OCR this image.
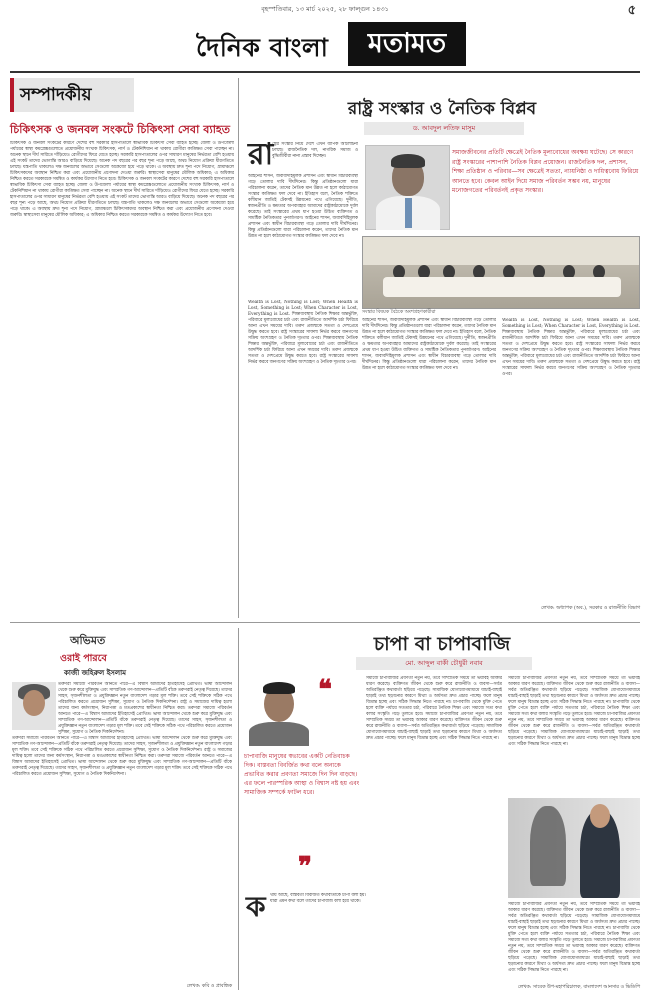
বৃহস্পতিবার, ১৩ মার্চ ২০২৫, ২৮ ফাল্গুন ১৪৩১	৫
দৈনিক বাংলা	মতামত
সম্পাদকীয়
চিকিৎসক ও জনবল সংকটে চিকিৎসা সেবা ব্যাহত
চিকিৎসক ও জনবল সংকটের কারণে দেশের বহু সরকারি হাসপাতালে স্বাভাবিক চিকিৎসা সেবা ব্যাহত হচ্ছে। জেলা ও উপজেলা পর্যায়ের স্বাস্থ্য কমপ্লেক্সগুলোতে প্রয়োজনীয় সংখ্যক চিকিৎসক, নার্স ও টেকনিশিয়ান না থাকায় রোগীরা কাঙ্ক্ষিত সেবা পাচ্ছেন না। অনেক স্থানে দীর্ঘ সারিতে দাঁড়িয়েও রোগীদের ফিরে যেতে হচ্ছে। সরকারি হাসপাতালের ওপর সাধারণ মানুষের নির্ভরতা বেশি হওয়ায় এই সংকট তাদের ভোগান্তি আরও বাড়িয়ে দিয়েছে। অনেক পদ বছরের পর বছর শূন্য পড়ে আছে, অথচ নিয়োগ প্রক্রিয়া ধীরগতিতে চলছে। যন্ত্রপাতি থাকলেও দক্ষ জনবলের অভাবে সেগুলো অকেজো হয়ে পড়ে থাকে। এ অবস্থায় দ্রুত শূন্য পদে নিয়োগ, গ্রামাঞ্চলে চিকিৎসকদের অবস্থান নিশ্চিত করা এবং প্রয়োজনীয় প্রণোদনা দেওয়া জরুরি। স্বাস্থ্যসেবা মানুষের মৌলিক অধিকার; এ অধিকার নিশ্চিত করতে সরকারকে সমন্বিত ও কার্যকর উদ্যোগ নিতে হবে। চিকিৎসক ও জনবল সংকটের কারণে দেশের বহু সরকারি হাসপাতালে স্বাভাবিক চিকিৎসা সেবা ব্যাহত হচ্ছে। জেলা ও উপজেলা পর্যায়ের স্বাস্থ্য কমপ্লেক্সগুলোতে প্রয়োজনীয় সংখ্যক চিকিৎসক, নার্স ও টেকনিশিয়ান না থাকায় রোগীরা কাঙ্ক্ষিত সেবা পাচ্ছেন না। অনেক স্থানে দীর্ঘ সারিতে দাঁড়িয়েও রোগীদের ফিরে যেতে হচ্ছে। সরকারি হাসপাতালের ওপর সাধারণ মানুষের নির্ভরতা বেশি হওয়ায় এই সংকট তাদের ভোগান্তি আরও বাড়িয়ে দিয়েছে। অনেক পদ বছরের পর বছর শূন্য পড়ে আছে, অথচ নিয়োগ প্রক্রিয়া ধীরগতিতে চলছে। যন্ত্রপাতি থাকলেও দক্ষ জনবলের অভাবে সেগুলো অকেজো হয়ে পড়ে থাকে। এ অবস্থায় দ্রুত শূন্য পদে নিয়োগ, গ্রামাঞ্চলে চিকিৎসকদের অবস্থান নিশ্চিত করা এবং প্রয়োজনীয় প্রণোদনা দেওয়া জরুরি। স্বাস্থ্যসেবা মানুষের মৌলিক অধিকার; এ অধিকার নিশ্চিত করতে সরকারকে সমন্বিত ও কার্যকর উদ্যোগ নিতে হবে।
রাষ্ট্র সংস্কার ও নৈতিক বিপ্লব
ড. আবদুল লতিফ মাসুম
রা
ষ্ট্রের সংস্কার নিয়ে দেশে এখন ব্যাপক আলোচনা চলছে। রাজনৈতিক দল, নাগরিক সমাজ ও বুদ্ধিজীবীরা নানা প্রস্তাব দিচ্ছেন।
আইনের শাসন, জবাবদিহিমূলক প্রশাসন এবং স্বাধীন বিচারব্যবস্থা গড়ে তোলার দাবি দীর্ঘদিনের। কিন্তু প্রতিষ্ঠানগুলো যারা পরিচালনা করেন, তাদের নৈতিক মান উন্নত না হলে কাঠামোগত সংস্কার কাঙ্ক্ষিত ফল দেবে না। ইতিহাস বলে, নৈতিক শক্তিতে বলীয়ান জাতিই টেকসই উন্নয়নের পথে এগিয়েছে। দুর্নীতি, স্বজনপ্রীতি ও ক্ষমতার অপব্যবহার আমাদের রাষ্ট্রকাঠামোকে দুর্বল করেছে। তাই সংস্কারের প্রথম ধাপ হওয়া উচিত ব্যক্তিগত ও সামষ্টিক নৈতিকতার পুনর্জাগরণ। আইনের শাসন, জবাবদিহিমূলক প্রশাসন এবং স্বাধীন বিচারব্যবস্থা গড়ে তোলার দাবি দীর্ঘদিনের। কিন্তু প্রতিষ্ঠানগুলো যারা পরিচালনা করেন, তাদের নৈতিক মান উন্নত না হলে কাঠামোগত সংস্কার কাঙ্ক্ষিত ফল দেবে না।
সমাজজীবনের প্রতিটি ক্ষেত্রেই নৈতিক মূল্যবোধের অবক্ষয় ঘটেছে। সে কারণে রাষ্ট্র সংস্কারের পাশাপাশি নৈতিক বিপ্লব প্রয়োজন। রাজনৈতিক দল, প্রশাসন, শিক্ষা প্রতিষ্ঠান ও পরিবার—সব ক্ষেত্রেই সততা, ন্যায়নিষ্ঠা ও দায়িত্ববোধ ফিরিয়ে আনতে হবে। কেবল আইন দিয়ে সমাজ পরিবর্তন সম্ভব নয়, মানুষের মনোজগতের পরিবর্তনই প্রকৃত সংস্কার।
সংস্কার বিষয়ক বৈঠকে অংশগ্রহণকারীরা
Wealth is Lost, Nothing is Lost; When Health is Lost, Something is Lost; When Character is Lost, Everything is Lost. শিক্ষাব্যবস্থায় নৈতিক শিক্ষার অন্তর্ভুক্তি, পরিবারে মূল্যবোধের চর্চা এবং রাজনীতিতে আদর্শিক চর্চা ফিরিয়ে আনা এখন সময়ের দাবি। তরুণ প্রজন্মকে সততা ও দেশপ্রেমে উদ্বুদ্ধ করতে হবে। রাষ্ট্র সংস্কারের সাফল্য নির্ভর করবে জনগণের সক্রিয় অংশগ্রহণ ও নৈতিক দৃঢ়তার ওপর। শিক্ষাব্যবস্থায় নৈতিক শিক্ষার অন্তর্ভুক্তি, পরিবারে মূল্যবোধের চর্চা এবং রাজনীতিতে আদর্শিক চর্চা ফিরিয়ে আনা এখন সময়ের দাবি। তরুণ প্রজন্মকে সততা ও দেশপ্রেমে উদ্বুদ্ধ করতে হবে। রাষ্ট্র সংস্কারের সাফল্য নির্ভর করবে জনগণের সক্রিয় অংশগ্রহণ ও নৈতিক দৃঢ়তার ওপর।
আইনের শাসন, জবাবদিহিমূলক প্রশাসন এবং স্বাধীন বিচারব্যবস্থা গড়ে তোলার দাবি দীর্ঘদিনের। কিন্তু প্রতিষ্ঠানগুলো যারা পরিচালনা করেন, তাদের নৈতিক মান উন্নত না হলে কাঠামোগত সংস্কার কাঙ্ক্ষিত ফল দেবে না। ইতিহাস বলে, নৈতিক শক্তিতে বলীয়ান জাতিই টেকসই উন্নয়নের পথে এগিয়েছে। দুর্নীতি, স্বজনপ্রীতি ও ক্ষমতার অপব্যবহার আমাদের রাষ্ট্রকাঠামোকে দুর্বল করেছে। তাই সংস্কারের প্রথম ধাপ হওয়া উচিত ব্যক্তিগত ও সামষ্টিক নৈতিকতার পুনর্জাগরণ। আইনের শাসন, জবাবদিহিমূলক প্রশাসন এবং স্বাধীন বিচারব্যবস্থা গড়ে তোলার দাবি দীর্ঘদিনের। কিন্তু প্রতিষ্ঠানগুলো যারা পরিচালনা করেন, তাদের নৈতিক মান উন্নত না হলে কাঠামোগত সংস্কার কাঙ্ক্ষিত ফল দেবে না।
Wealth is Lost, Nothing is Lost; When Health is Lost, Something is Lost; When Character is Lost, Everything is Lost. শিক্ষাব্যবস্থায় নৈতিক শিক্ষার অন্তর্ভুক্তি, পরিবারে মূল্যবোধের চর্চা এবং রাজনীতিতে আদর্শিক চর্চা ফিরিয়ে আনা এখন সময়ের দাবি। তরুণ প্রজন্মকে সততা ও দেশপ্রেমে উদ্বুদ্ধ করতে হবে। রাষ্ট্র সংস্কারের সাফল্য নির্ভর করবে জনগণের সক্রিয় অংশগ্রহণ ও নৈতিক দৃঢ়তার ওপর। শিক্ষাব্যবস্থায় নৈতিক শিক্ষার অন্তর্ভুক্তি, পরিবারে মূল্যবোধের চর্চা এবং রাজনীতিতে আদর্শিক চর্চা ফিরিয়ে আনা এখন সময়ের দাবি। তরুণ প্রজন্মকে সততা ও দেশপ্রেমে উদ্বুদ্ধ করতে হবে। রাষ্ট্র সংস্কারের সাফল্য নির্ভর করবে জনগণের সক্রিয় অংশগ্রহণ ও নৈতিক দৃঢ়তার ওপর।
লেখক: অধ্যাপক (অব.), সরকার ও রাজনীতি বিভাগ
অভিমত
ওরাই পারবে
কাজী জহিরুল ইসলাম
তরুণরা সমাজে পরিবর্তন আনতে পারে—এ বিশ্বাস আমাদের ইতিহাসেই প্রোথিত। ভাষা আন্দোলন থেকে শুরু করে মুক্তিযুদ্ধ এবং সাম্প্রতিক গণ-আন্দোলন—প্রতিটি বাঁকে তরুণরাই নেতৃত্ব দিয়েছে। তাদের সাহস, সৃজনশীলতা ও প্রযুক্তিজ্ঞান নতুন বাংলাদেশ গড়ার মূল শক্তি। তবে সেই শক্তিকে সঠিক পথে পরিচালিত করতে প্রয়োজন সুশিক্ষা, সুযোগ ও নৈতিক দিকনির্দেশনা। রাষ্ট্র ও সমাজের দায়িত্ব হলো তাদের জন্য কর্মসংস্থান, নিরাপত্তা ও মতপ্রকাশের স্বাধীনতা নিশ্চিত করা। তরুণরা সমাজে পরিবর্তন আনতে পারে—এ বিশ্বাস আমাদের ইতিহাসেই প্রোথিত। ভাষা আন্দোলন থেকে শুরু করে মুক্তিযুদ্ধ এবং সাম্প্রতিক গণ-আন্দোলন—প্রতিটি বাঁকে তরুণরাই নেতৃত্ব দিয়েছে। তাদের সাহস, সৃজনশীলতা ও প্রযুক্তিজ্ঞান নতুন বাংলাদেশ গড়ার মূল শক্তি। তবে সেই শক্তিকে সঠিক পথে পরিচালিত করতে প্রয়োজন সুশিক্ষা, সুযোগ ও নৈতিক দিকনির্দেশনা।
তরুণরা সমাজে পরিবর্তন আনতে পারে—এ বিশ্বাস আমাদের ইতিহাসেই প্রোথিত। ভাষা আন্দোলন থেকে শুরু করে মুক্তিযুদ্ধ এবং সাম্প্রতিক গণ-আন্দোলন—প্রতিটি বাঁকে তরুণরাই নেতৃত্ব দিয়েছে। তাদের সাহস, সৃজনশীলতা ও প্রযুক্তিজ্ঞান নতুন বাংলাদেশ গড়ার মূল শক্তি। তবে সেই শক্তিকে সঠিক পথে পরিচালিত করতে প্রয়োজন সুশিক্ষা, সুযোগ ও নৈতিক দিকনির্দেশনা। রাষ্ট্র ও সমাজের দায়িত্ব হলো তাদের জন্য কর্মসংস্থান, নিরাপত্তা ও মতপ্রকাশের স্বাধীনতা নিশ্চিত করা। তরুণরা সমাজে পরিবর্তন আনতে পারে—এ বিশ্বাস আমাদের ইতিহাসেই প্রোথিত। ভাষা আন্দোলন থেকে শুরু করে মুক্তিযুদ্ধ এবং সাম্প্রতিক গণ-আন্দোলন—প্রতিটি বাঁকে তরুণরাই নেতৃত্ব দিয়েছে। তাদের সাহস, সৃজনশীলতা ও প্রযুক্তিজ্ঞান নতুন বাংলাদেশ গড়ার মূল শক্তি। তবে সেই শক্তিকে সঠিক পথে পরিচালিত করতে প্রয়োজন সুশিক্ষা, সুযোগ ও নৈতিক দিকনির্দেশনা।
লেখক: কবি ও প্রাবন্ধিক
চাপা বা চাপাবাজি
মো. আব্দুল বাকী চৌধুরী নবাব
❝
চাপাবাজি মানুষের স্বভাবের একটি নেতিবাচক দিক। বাস্তবতা বিবর্জিত কথা বলে অন্যকে প্রভাবিত করার প্রবণতা সমাজে দিন দিন বাড়ছে। এর ফলে পারস্পরিক আস্থা ও বিশ্বাস নষ্ট হয় এবং সামাজিক সম্পর্কে ফাটল ধরে।
❞
ক থায় আছে, বাস্তবতা বিবর্জিত কথাবার্তাকে চাপা বলা হয়। যারা এমন কথা বলে তাদের চাপাবাজ বলা হয়ে থাকে।
সমাজে চাপাবাজির প্রবণতা নতুন নয়, তবে সাম্প্রতিক সময়ে তা ভয়াবহ আকার ধারণ করেছে। ব্যক্তিগত জীবন থেকে শুরু করে রাজনীতি ও ব্যবসা—সর্বত্র অতিরঞ্জিত কথাবার্তা ছড়িয়ে পড়েছে। সামাজিক যোগাযোগমাধ্যমে যাচাই-বাছাই ছাড়াই তথ্য ছড়ানোর কারণে মিথ্যা ও অর্ধসত্য দ্রুত প্রচার পাচ্ছে। ফলে মানুষ বিভ্রান্ত হচ্ছে এবং সঠিক সিদ্ধান্ত নিতে পারছে না। চাপাবাজি থেকে মুক্তি পেতে হলে ব্যক্তি পর্যায়ে সততার চর্চা, পরিবারে নৈতিক শিক্ষা এবং সমাজে সত্য কথা বলার সংস্কৃতি গড়ে তুলতে হবে। সমাজে চাপাবাজির প্রবণতা নতুন নয়, তবে সাম্প্রতিক সময়ে তা ভয়াবহ আকার ধারণ করেছে। ব্যক্তিগত জীবন থেকে শুরু করে রাজনীতি ও ব্যবসা—সর্বত্র অতিরঞ্জিত কথাবার্তা ছড়িয়ে পড়েছে। সামাজিক যোগাযোগমাধ্যমে যাচাই-বাছাই ছাড়াই তথ্য ছড়ানোর কারণে মিথ্যা ও অর্ধসত্য দ্রুত প্রচার পাচ্ছে। ফলে মানুষ বিভ্রান্ত হচ্ছে এবং সঠিক সিদ্ধান্ত নিতে পারছে না।
সমাজে চাপাবাজির প্রবণতা নতুন নয়, তবে সাম্প্রতিক সময়ে তা ভয়াবহ আকার ধারণ করেছে। ব্যক্তিগত জীবন থেকে শুরু করে রাজনীতি ও ব্যবসা—সর্বত্র অতিরঞ্জিত কথাবার্তা ছড়িয়ে পড়েছে। সামাজিক যোগাযোগমাধ্যমে যাচাই-বাছাই ছাড়াই তথ্য ছড়ানোর কারণে মিথ্যা ও অর্ধসত্য দ্রুত প্রচার পাচ্ছে। ফলে মানুষ বিভ্রান্ত হচ্ছে এবং সঠিক সিদ্ধান্ত নিতে পারছে না। চাপাবাজি থেকে মুক্তি পেতে হলে ব্যক্তি পর্যায়ে সততার চর্চা, পরিবারে নৈতিক শিক্ষা এবং সমাজে সত্য কথা বলার সংস্কৃতি গড়ে তুলতে হবে। সমাজে চাপাবাজির প্রবণতা নতুন নয়, তবে সাম্প্রতিক সময়ে তা ভয়াবহ আকার ধারণ করেছে। ব্যক্তিগত জীবন থেকে শুরু করে রাজনীতি ও ব্যবসা—সর্বত্র অতিরঞ্জিত কথাবার্তা ছড়িয়ে পড়েছে। সামাজিক যোগাযোগমাধ্যমে যাচাই-বাছাই ছাড়াই তথ্য ছড়ানোর কারণে মিথ্যা ও অর্ধসত্য দ্রুত প্রচার পাচ্ছে। ফলে মানুষ বিভ্রান্ত হচ্ছে এবং সঠিক সিদ্ধান্ত নিতে পারছে না।
সমাজে চাপাবাজির প্রবণতা নতুন নয়, তবে সাম্প্রতিক সময়ে তা ভয়াবহ আকার ধারণ করেছে। ব্যক্তিগত জীবন থেকে শুরু করে রাজনীতি ও ব্যবসা—সর্বত্র অতিরঞ্জিত কথাবার্তা ছড়িয়ে পড়েছে। সামাজিক যোগাযোগমাধ্যমে যাচাই-বাছাই ছাড়াই তথ্য ছড়ানোর কারণে মিথ্যা ও অর্ধসত্য দ্রুত প্রচার পাচ্ছে। ফলে মানুষ বিভ্রান্ত হচ্ছে এবং সঠিক সিদ্ধান্ত নিতে পারছে না। চাপাবাজি থেকে মুক্তি পেতে হলে ব্যক্তি পর্যায়ে সততার চর্চা, পরিবারে নৈতিক শিক্ষা এবং সমাজে সত্য কথা বলার সংস্কৃতি গড়ে তুলতে হবে। সমাজে চাপাবাজির প্রবণতা নতুন নয়, তবে সাম্প্রতিক সময়ে তা ভয়াবহ আকার ধারণ করেছে। ব্যক্তিগত জীবন থেকে শুরু করে রাজনীতি ও ব্যবসা—সর্বত্র অতিরঞ্জিত কথাবার্তা ছড়িয়ে পড়েছে। সামাজিক যোগাযোগমাধ্যমে যাচাই-বাছাই ছাড়াই তথ্য ছড়ানোর কারণে মিথ্যা ও অর্ধসত্য দ্রুত প্রচার পাচ্ছে। ফলে মানুষ বিভ্রান্ত হচ্ছে এবং সঠিক সিদ্ধান্ত নিতে পারছে না।
লেখক: সাবেক উপ-মহাপরিচালক, বাংলাদেশ আনসার ও ভিডিপি
